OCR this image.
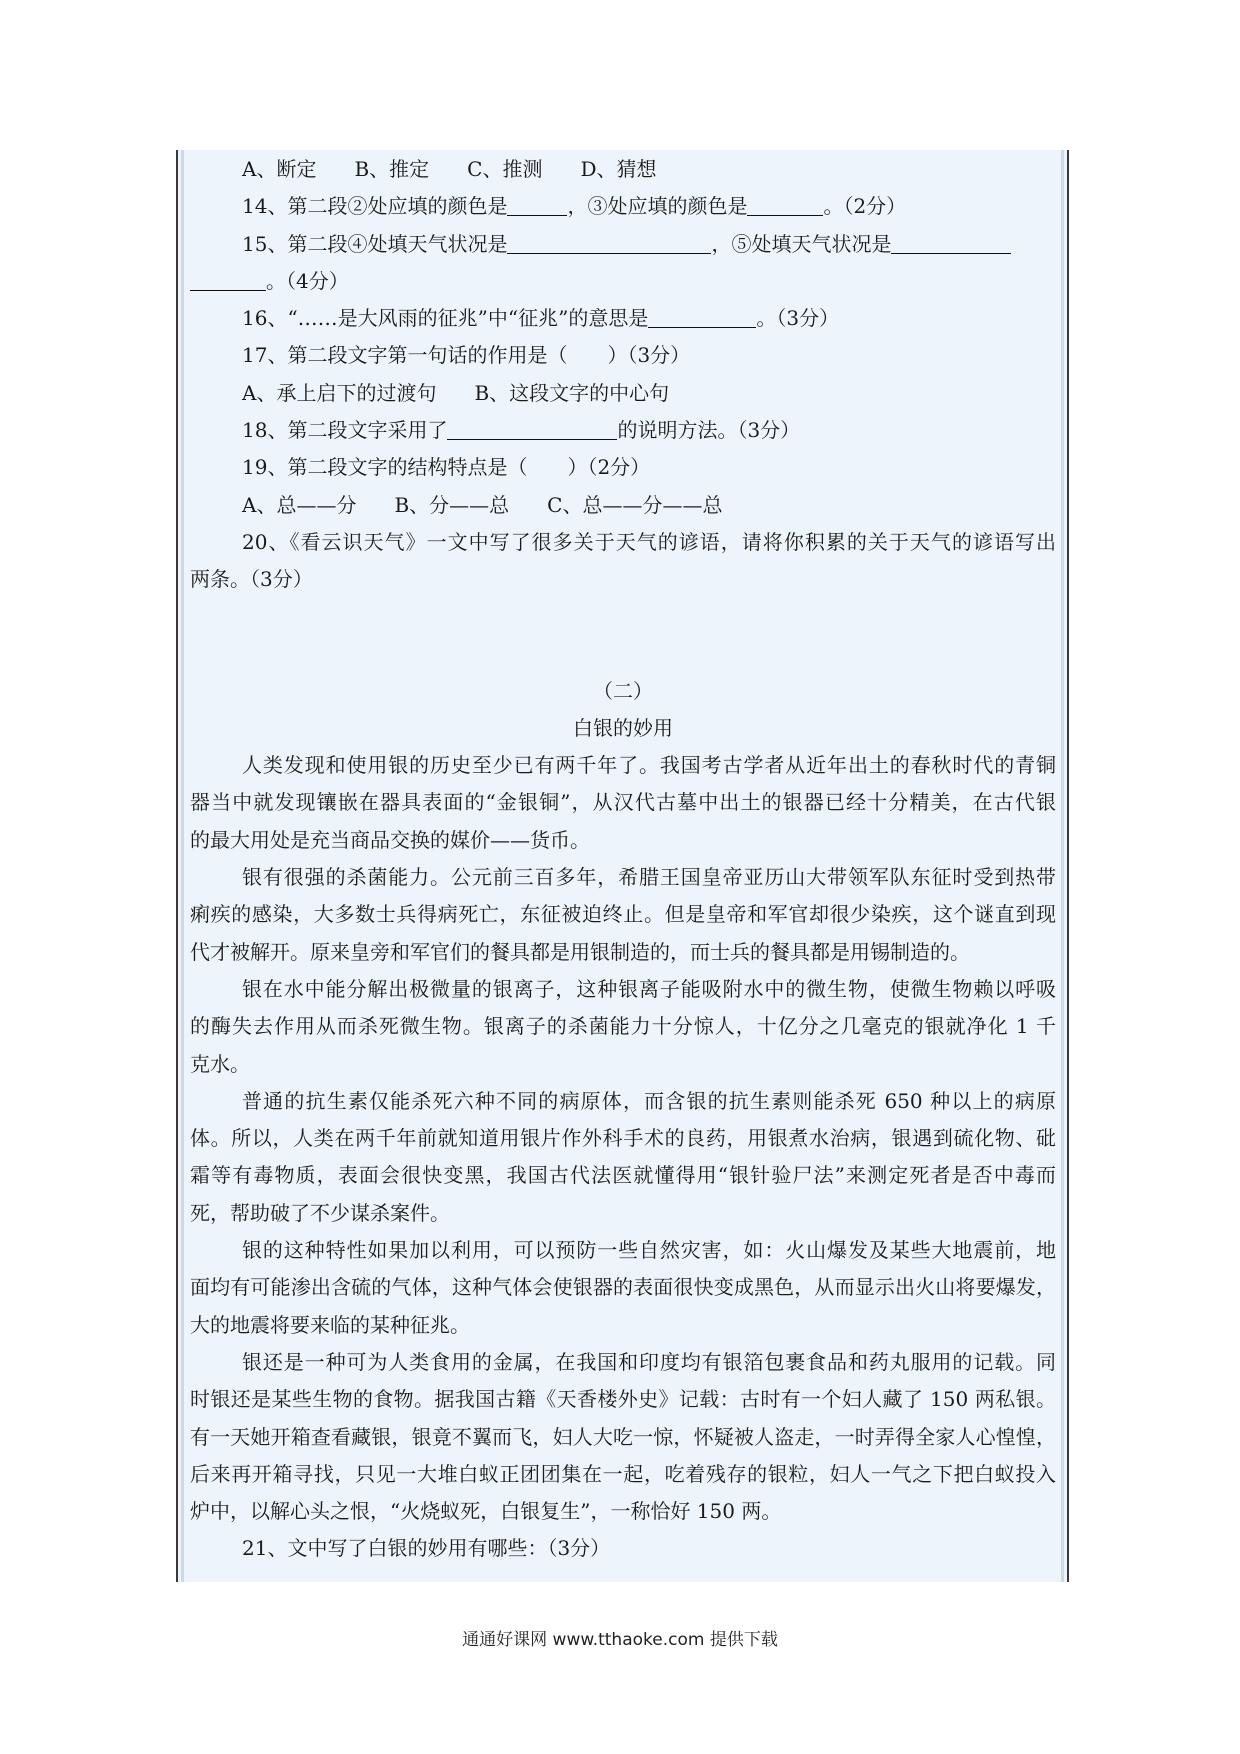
A、断定 B、推定 C、推测 D、猜想
14、第二段②处应填的颜色是	，③处应填的颜色是	。（2分）
15、第二段④处填天气状况是	，⑤处填天气状况是
。（4分）
16、“……是大风雨的征兆”中“征兆”的意思是	。（3分）
17、第二段文字第一句话的作用是（　　）（3分）
A、承上启下的过渡句 B、这段文字的中心句
18、第二段文字采用了	的说明方法。（3分）
19、第二段文字的结构特点是（　　）（2分）
A、总——分 B、分——总 C、总——分——总
20、《看云识天气》一文中写了很多关于天气的谚语，请将你积累的关于天气的谚语写出
两条。（3分）
（二）
白银的妙用
人类发现和使用银的历史至少已有两千年了。我国考古学者从近年出土的春秋时代的青铜
器当中就发现镶嵌在器具表面的“金银铜”，从汉代古墓中出土的银器已经十分精美，在古代银
的最大用处是充当商品交换的媒价——货币。
银有很强的杀菌能力。公元前三百多年，希腊王国皇帝亚历山大带领军队东征时受到热带
痢疾的感染，大多数士兵得病死亡，东征被迫终止。但是皇帝和军官却很少染疾，这个谜直到现
代才被解开。原来皇旁和军官们的餐具都是用银制造的，而士兵的餐具都是用锡制造的。
银在水中能分解出极微量的银离子，这种银离子能吸附水中的微生物，使微生物赖以呼吸
的酶失去作用从而杀死微生物。银离子的杀菌能力十分惊人，十亿分之几毫克的银就净化 1 千
克水。
普通的抗生素仅能杀死六种不同的病原体，而含银的抗生素则能杀死 650 种以上的病原
体。所以，人类在两千年前就知道用银片作外科手术的良药，用银煮水治病，银遇到硫化物、砒
霜等有毒物质，表面会很快变黑，我国古代法医就懂得用“银针验尸法”来测定死者是否中毒而
死，帮助破了不少谋杀案件。
银的这种特性如果加以利用，可以预防一些自然灾害，如：火山爆发及某些大地震前，地
面均有可能渗出含硫的气体，这种气体会使银器的表面很快变成黑色，从而显示出火山将要爆发，
大的地震将要来临的某种征兆。
银还是一种可为人类食用的金属，在我国和印度均有银箔包裹食品和药丸服用的记载。同
时银还是某些生物的食物。据我国古籍《天香楼外史》记载：古时有一个妇人藏了 150 两私银。
有一天她开箱查看藏银，银竟不翼而飞，妇人大吃一惊，怀疑被人盗走，一时弄得全家人心惶惶，
后来再开箱寻找，只见一大堆白蚁正团团集在一起，吃着残存的银粒，妇人一气之下把白蚁投入
炉中，以解心头之恨，“火烧蚁死，白银复生”，一称恰好 150 两。
21、文中写了白银的妙用有哪些：（3分）
通通好课网 www.tthaoke.com 提供下载
